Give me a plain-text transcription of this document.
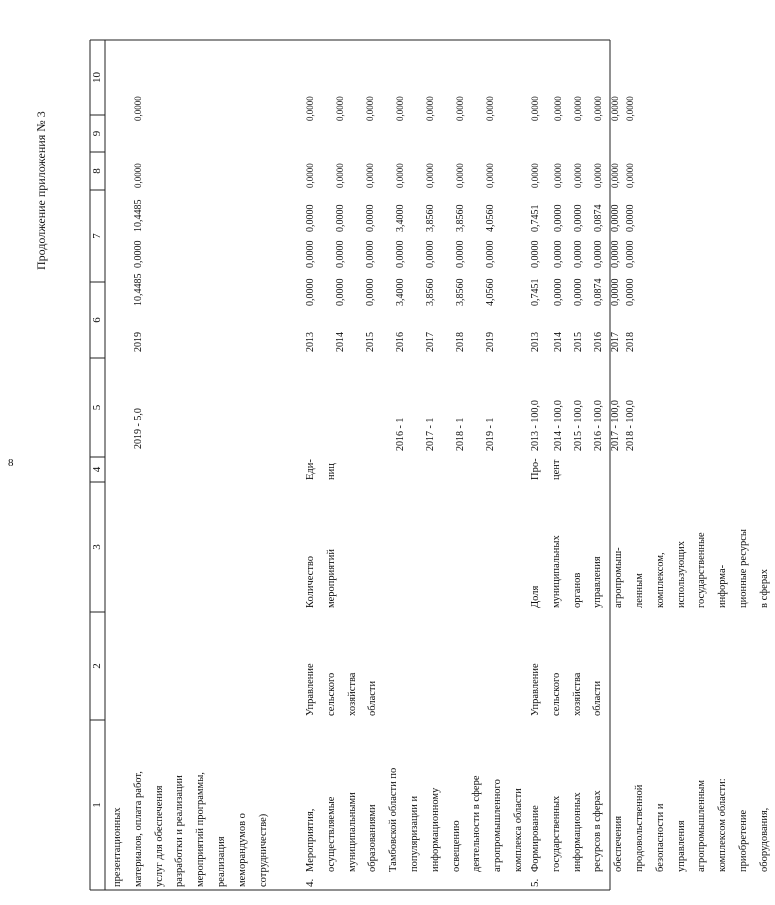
8
Продолжение приложения № 3
1
2
3
4
5
6
7
8
9
10
презентационных материалов, оплата работ, услуг для обеспечения разработки и реализации мероприятий программы, реализация меморандумов о сотрудничестве)
2019 - 5,0
2019
10,4485
0,0000
10,4485
0,0000
0,0000
4.
Мероприятия, осуществляемые муниципальными образованиями Тамбовской области по популяризации и информационному освещению деятельности в сфере агропромышленного комплекса области
Управление сельского хозяйства области
Количество мероприятий
Еди- ниц
2013
0,0000
0,0000
0,0000
0,0000
0,0000
2014
0,0000
0,0000
0,0000
0,0000
0,0000
2015
0,0000
0,0000
0,0000
0,0000
0,0000
2016 - 1
2016
3,4000
0,0000
3,4000
0,0000
0,0000
2017 - 1
2017
3,8560
0,0000
3,8560
0,0000
0,0000
2018 - 1
2018
3,8560
0,0000
3,8560
0,0000
0,0000
2019 - 1
2019
4,0560
0,0000
4,0560
0,0000
0,0000
5.
Формирование государственных информационных ресурсов в сферах обеспечения продовольственной безопасности и управления агропромышленным комплексом области: приобретение оборудования,
Управление сельского хозяйства области
Доля муниципальных органов управления агропромыш- ленным комплексом, использующих государственные информа- ционные ресурсы в сферах
Про- цент
2013 - 100,0
2013
0,7451
0,0000
0,7451
0,0000
0,0000
2014 - 100,0
2014
0,0000
0,0000
0,0000
0,0000
0,0000
2015 - 100,0
2015
0,0000
0,0000
0,0000
0,0000
0,0000
2016 - 100,0
2016
0,0874
0,0000
0,0874
0,0000
0,0000
2017 - 100,0
2017
0,0000
0,0000
0,0000
0,0000
0,0000
2018 - 100,0
2018
0,0000
0,0000
0,0000
0,0000
0,0000
